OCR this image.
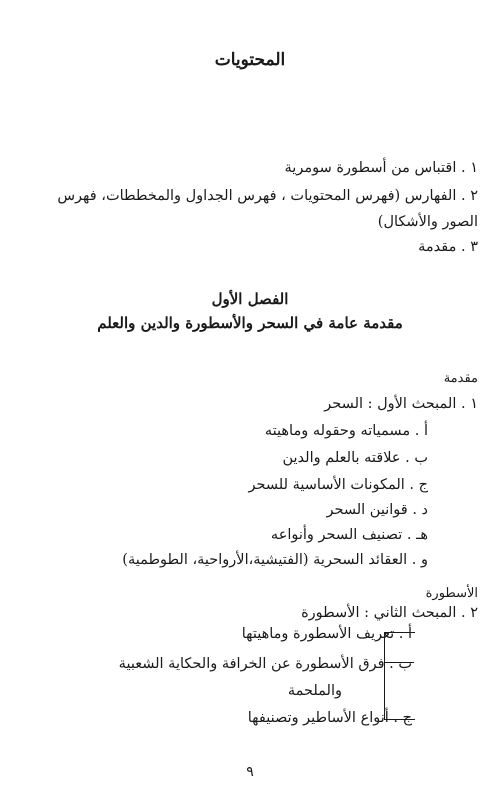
المحتويات
١ . اقتباس من أسطورة سومرية
٢ . الفهارس (فهرس المحتويات ، فهرس الجداول والمخططات، فهرس
الصور والأشكال)
٣ . مقدمة
الفصل الأول
مقدمة عامة في السحر والأسطورة والدين والعلم
مقدمة
١ . المبحث الأول : السحر
أ . مسمياته وحقوله وماهيته
ب . علاقته بالعلم والدين
ج . المكونات الأساسية للسحر
د . قوانين السحر
هـ . تصنيف السحر وأنواعه
و . العقائد السحرية (الفتيشية،الأرواحية، الطوطمية)
الأسطورة
٢ . المبحث الثاني : الأسطورة
أ . تعريف الأسطورة وماهيتها
ب . فرق الأسطورة عن الخرافة والحكاية الشعبية
والملحمة
ج . أنواع الأساطير وتصنيفها
٩
